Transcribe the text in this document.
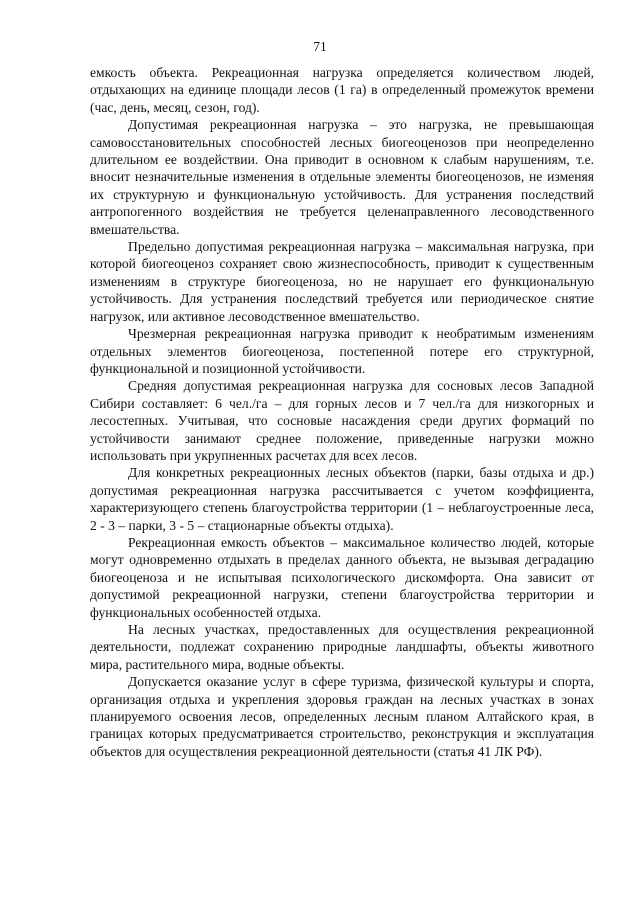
71

емкость объекта. Рекреационная нагрузка определяется количеством людей, отдыхающих на единице площади лесов (1 га) в определенный промежуток времени (час, день, месяц, сезон, год).

Допустимая рекреационная нагрузка – это нагрузка, не превышающая самовосстановительных способностей лесных биогеоценозов при неопределенно длительном ее воздействии. Она приводит в основном к слабым нарушениям, т.е. вносит незначительные изменения в отдельные элементы биогеоценозов, не изменяя их структурную и функциональную устойчивость. Для устранения последствий антропогенного воздействия не требуется целенаправленного лесоводственного вмешательства.

Предельно допустимая рекреационная нагрузка – максимальная нагрузка, при которой биогеоценоз сохраняет свою жизнеспособность, приводит к существенным изменениям в структуре биогеоценоза, но не нарушает его функциональную устойчивость. Для устранения последствий требуется или периодическое снятие нагрузок, или активное лесоводственное вмешательство.

Чрезмерная рекреационная нагрузка приводит к необратимым изменениям отдельных элементов биогеоценоза, постепенной потере его структурной, функциональной и позиционной устойчивости.

Средняя допустимая рекреационная нагрузка для сосновых лесов Западной Сибири составляет: 6 чел./га – для горных лесов и 7 чел./га для низкогорных и лесостепных. Учитывая, что сосновые насаждения среди других формаций по устойчивости занимают среднее положение, приведенные нагрузки можно использовать при укрупненных расчетах для всех лесов.

Для конкретных рекреационных лесных объектов (парки, базы отдыха и др.) допустимая рекреационная нагрузка рассчитывается с учетом коэффициента, характеризующего степень благоустройства территории (1 – неблагоустроенные леса, 2 - 3 – парки, 3 - 5 – стационарные объекты отдыха).

Рекреационная емкость объектов – максимальное количество людей, которые могут одновременно отдыхать в пределах данного объекта, не вызывая деградацию биогеоценоза и не испытывая психологического дискомфорта. Она зависит от допустимой рекреационной нагрузки, степени благоустройства территории и функциональных особенностей отдыха.

На лесных участках, предоставленных для осуществления рекреационной деятельности, подлежат сохранению природные ландшафты, объекты животного мира, растительного мира, водные объекты.

Допускается оказание услуг в сфере туризма, физической культуры и спорта, организация отдыха и укрепления здоровья граждан на лесных участках в зонах планируемого освоения лесов, определенных лесным планом Алтайского края, в границах которых предусматривается строительство, реконструкция и эксплуатация объектов для осуществления рекреационной деятельности (статья 41 ЛК РФ).
